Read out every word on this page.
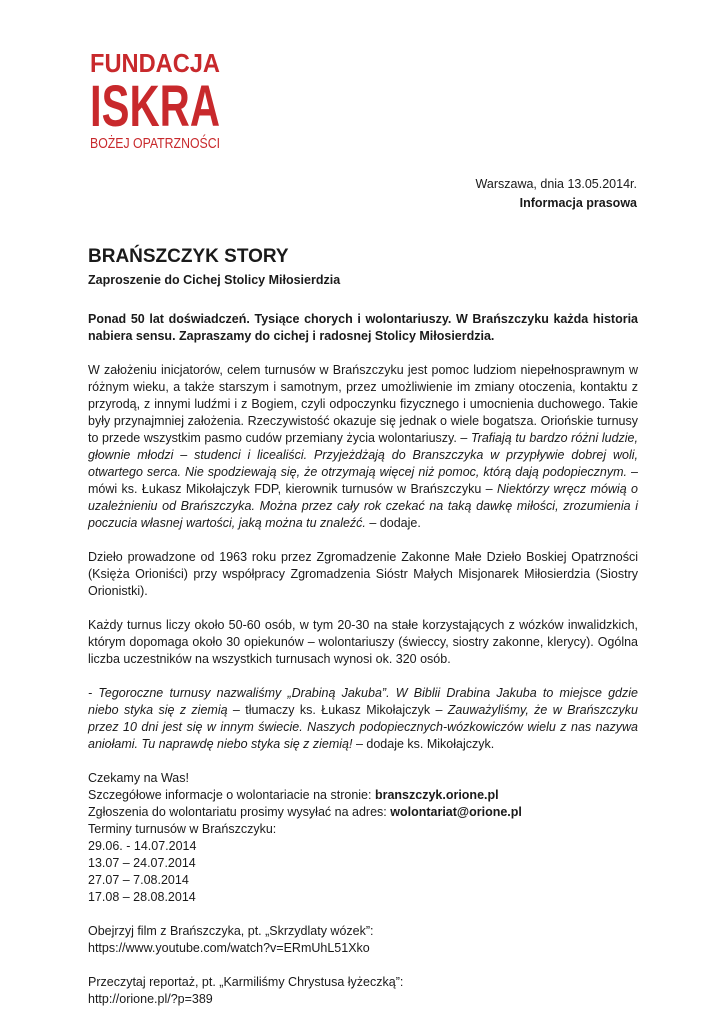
FUNDACJA
ISKRA
BOŻEJ OPATRZNOŚCI
Warszawa, dnia 13.05.2014r.
Informacja prasowa
BRAŃSZCZYK STORY

Zaproszenie do Cichej Stolicy Miłosierdzia

Ponad 50 lat doświadczeń. Tysiące chorych i wolontariuszy. W Brańszczyku każda historia nabiera sensu. Zapraszamy do cichej i radosnej Stolicy Miłosierdzia.

W założeniu inicjatorów, celem turnusów w Brańszczyku jest pomoc ludziom niepełnosprawnym w różnym wieku, a także starszym i samotnym, przez umożliwienie im zmiany otoczenia, kontaktu z przyrodą, z innymi ludźmi i z Bogiem, czyli odpoczynku fizycznego i umocnienia duchowego. Takie były przynajmniej założenia. Rzeczywistość okazuje się jednak o wiele bogatsza. Oriońskie turnusy to przede wszystkim pasmo cudów przemiany życia wolontariuszy. – Trafiają tu bardzo różni ludzie, głownie młodzi – studenci i licealiści. Przyjeżdżają do Branszczyka w przypływie dobrej woli, otwartego serca. Nie spodziewają się, że otrzymają więcej niż pomoc, którą dają podopiecznym. – mówi ks. Łukasz Mikołajczyk FDP, kierownik turnusów w Brańszczyku – Niektórzy wręcz mówią o uzależnieniu od Brańszczyka. Można przez cały rok czekać na taką dawkę miłości, zrozumienia i poczucia własnej wartości, jaką można tu znaleźć. – dodaje.

Dzieło prowadzone od 1963 roku przez Zgromadzenie Zakonne Małe Dzieło Boskiej Opatrzności (Księża Orioniści) przy współpracy Zgromadzenia Sióstr Małych Misjonarek Miłosierdzia (Siostry Orionistki).

Każdy turnus liczy około 50-60 osób, w tym 20-30 na stałe korzystających z wózków inwalidzkich, którym dopomaga około 30 opiekunów – wolontariuszy (świeccy, siostry zakonne, klerycy). Ogólna liczba uczestników na wszystkich turnusach wynosi ok. 320 osób.

- Tegoroczne turnusy nazwaliśmy „Drabiną Jakuba”. W Biblii Drabina Jakuba to miejsce gdzie niebo styka się z ziemią – tłumaczy ks. Łukasz Mikołajczyk – Zauważyliśmy, że w Brańszczyku przez 10 dni jest się w innym świecie. Naszych podopiecznych-wózkowiczów wielu z nas nazywa aniołami. Tu naprawdę niebo styka się z ziemią! – dodaje ks. Mikołajczyk.

Czekamy na Was!

Szczegółowe informacje o wolontariacie na stronie: branszczyk.orione.pl

Zgłoszenia do wolontariatu prosimy wysyłać na adres: wolontariat@orione.pl

Terminy turnusów w Brańszczyku:

29.06. - 14.07.2014

13.07 – 24.07.2014

27.07 – 7.08.2014

17.08 – 28.08.2014

Obejrzyj film z Brańszczyka, pt. „Skrzydlaty wózek”:

https://www.youtube.com/watch?v=ERmUhL51Xko

Przeczytaj reportaż, pt. „Karmiliśmy Chrystusa łyżeczką”:

http://orione.pl/?p=389
